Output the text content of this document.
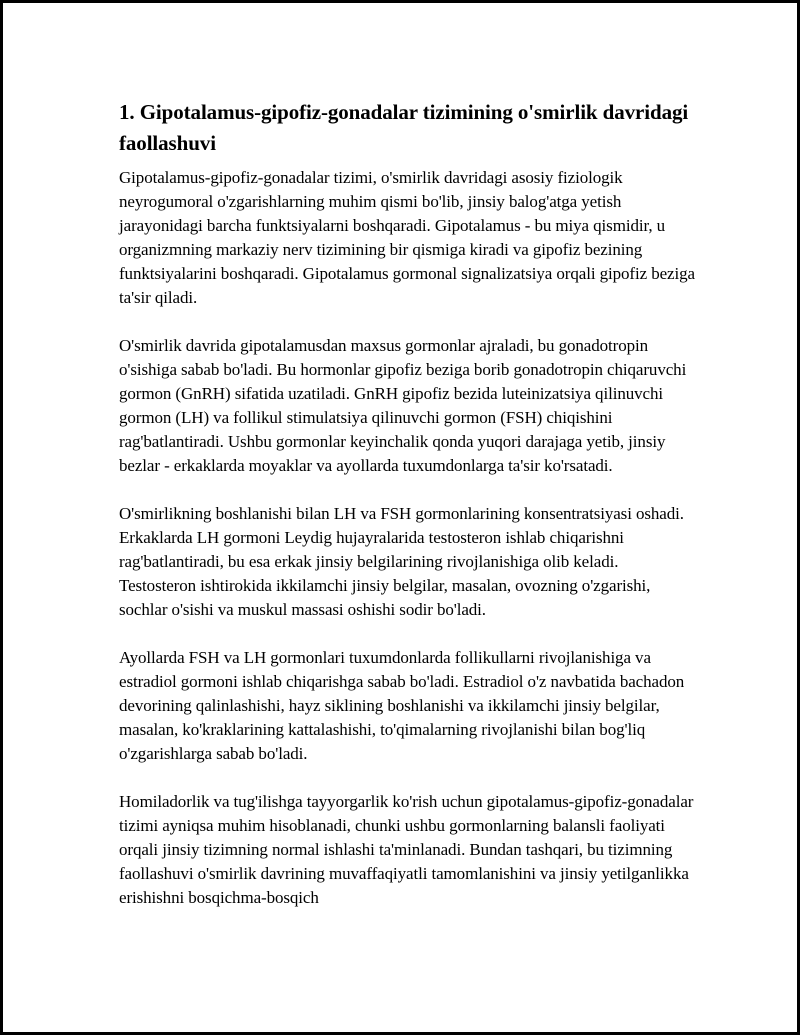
1. Gipotalamus-gipofiz-gonadalar tizimining o'smirlik davridagi faollashuvi

Gipotalamus-gipofiz-gonadalar tizimi, o'smirlik davridagi asosiy fiziologik neyrogumoral o'zgarishlarning muhim qismi bo'lib, jinsiy balog'atga yetish jarayonidagi barcha funktsiyalarni boshqaradi. Gipotalamus - bu miya qismidir, u organizmning markaziy nerv tizimining bir qismiga kiradi va gipofiz bezining funktsiyalarini boshqaradi. Gipotalamus gormonal signalizatsiya orqali gipofiz beziga ta'sir qiladi.

O'smirlik davrida gipotalamusdan maxsus gormonlar ajraladi, bu gonadotropin o'sishiga sabab bo'ladi. Bu hormonlar gipofiz beziga borib gonadotropin chiqaruvchi gormon (GnRH) sifatida uzatiladi. GnRH gipofiz bezida luteinizatsiya qilinuvchi gormon (LH) va follikul stimulatsiya qilinuvchi gormon (FSH) chiqishini rag'batlantiradi. Ushbu gormonlar keyinchalik qonda yuqori darajaga yetib, jinsiy bezlar - erkaklarda moyaklar va ayollarda tuxumdonlarga ta'sir ko'rsatadi.

O'smirlikning boshlanishi bilan LH va FSH gormonlarining konsentratsiyasi oshadi. Erkaklarda LH gormoni Leydig hujayralarida testosteron ishlab chiqarishni rag'batlantiradi, bu esa erkak jinsiy belgilarining rivojlanishiga olib keladi. Testosteron ishtirokida ikkilamchi jinsiy belgilar, masalan, ovozning o'zgarishi, sochlar o'sishi va muskul massasi oshishi sodir bo'ladi.

Ayollarda FSH va LH gormonlari tuxumdonlarda follikullarni rivojlanishiga va estradiol gormoni ishlab chiqarishga sabab bo'ladi. Estradiol o'z navbatida bachadon devorining qalinlashishi, hayz siklining boshlanishi va ikkilamchi jinsiy belgilar, masalan, ko'kraklarining kattalashishi, to'qimalarning rivojlanishi bilan bog'liq o'zgarishlarga sabab bo'ladi.

Homiladorlik va tug'ilishga tayyorgarlik ko'rish uchun gipotalamus-gipofiz-gonadalar tizimi ayniqsa muhim hisoblanadi, chunki ushbu gormonlarning balansli faoliyati orqali jinsiy tizimning normal ishlashi ta'minlanadi. Bundan tashqari, bu tizimning faollashuvi o'smirlik davrining muvaffaqiyatli tamomlanishini va jinsiy yetilganlikka erishishni bosqichma-bosqich
